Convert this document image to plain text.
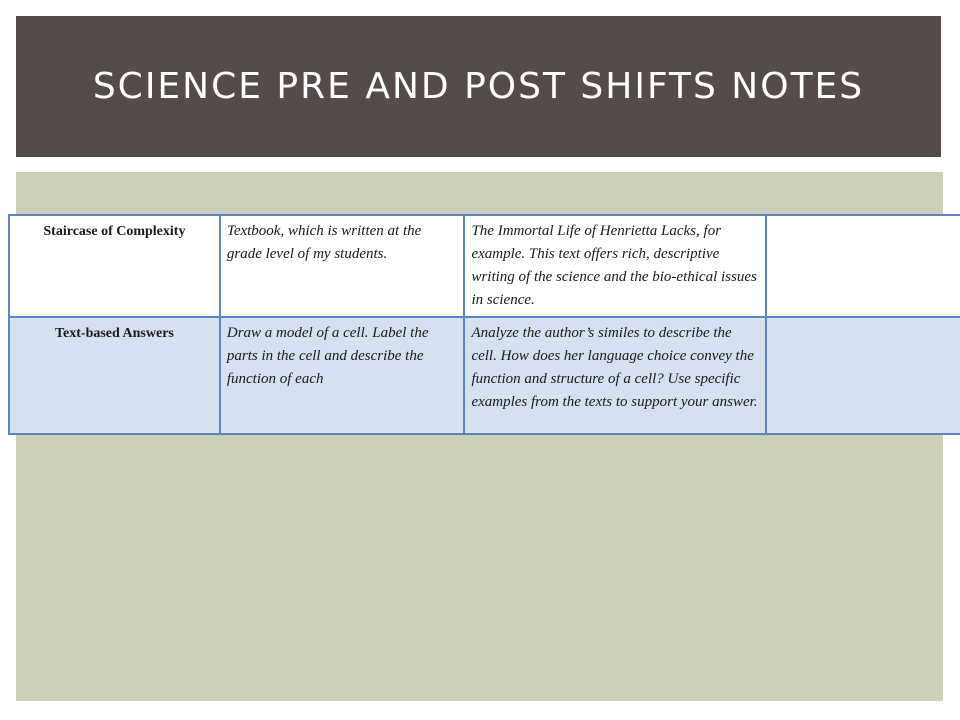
SCIENCE PRE AND POST SHIFTS NOTES
Staircase of Complexity	Textbook, which is written at the grade level of my students.	The Immortal Life of Henrietta Lacks, for example. This text offers rich, descriptive writing of the science and the bio-ethical issues in science.	
Text-based Answers	Draw a model of a cell. Label the parts in the cell and describe the function of each	Analyze the author’s similes to describe the cell. How does her language choice convey the function and structure of a cell? Use specific examples from the texts to support your answer.	
